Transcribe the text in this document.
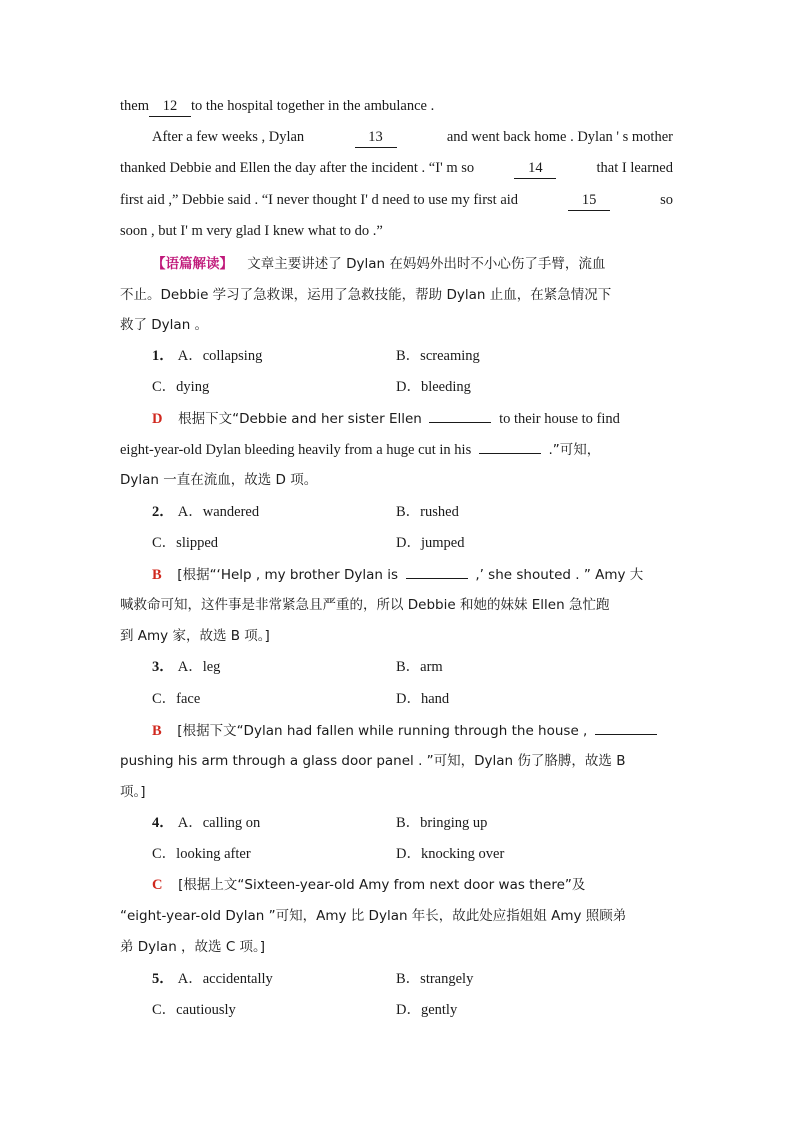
them 12 to the hospital together in the ambulance .
After a few weeks , Dylan	13	and went back home . Dylan ' s mother
thanked Debbie and Ellen the day after the incident . “I' m so	14	that I learned
first aid ,” Debbie said . “I never thought I' d need to use my first aid	15	so
soon , but I' m very glad I knew what to do .”
【语篇解读】 文章主要讲述了 Dylan 在妈妈外出时不小心伤了手臂，流血
不止。Debbie 学习了急救课，运用了急救技能，帮助 Dylan 止血，在紧急情况下
救了 Dylan 。
1． A．collapsing	B．screaming
C．dying	D．bleeding
D 根据下文“Debbie and her sister Ellen	to their house to find
eight-year-old Dylan bleeding heavily from a huge cut in his	.”可知，
Dylan 一直在流血，故选 D 项。
2． A．wandered	B．rushed
C．slipped	D．jumped
B [根据“‘Help , my brother Dylan is	,’ she shouted . ” Amy 大
喊救命可知，这件事是非常紧急且严重的，所以 Debbie 和她的妹妹 Ellen 急忙跑
到 Amy 家，故选 B 项。]
3． A．leg	B．arm
C．face	D．hand
B [根据下文“Dylan had fallen while running through the house ,
pushing his arm through a glass door panel . ”可知，Dylan 伤了胳膊，故选 B
项。]
4． A．calling on	B．bringing up
C．looking after	D．knocking over
C [根据上文“Sixteen-year-old Amy from next door was there”及
“eight-year-old Dylan ”可知，Amy 比 Dylan 年长，故此处应指姐姐 Amy 照顾弟
弟 Dylan ，故选 C 项。]
5． A．accidentally	B．strangely
C．cautiously	D．gently
